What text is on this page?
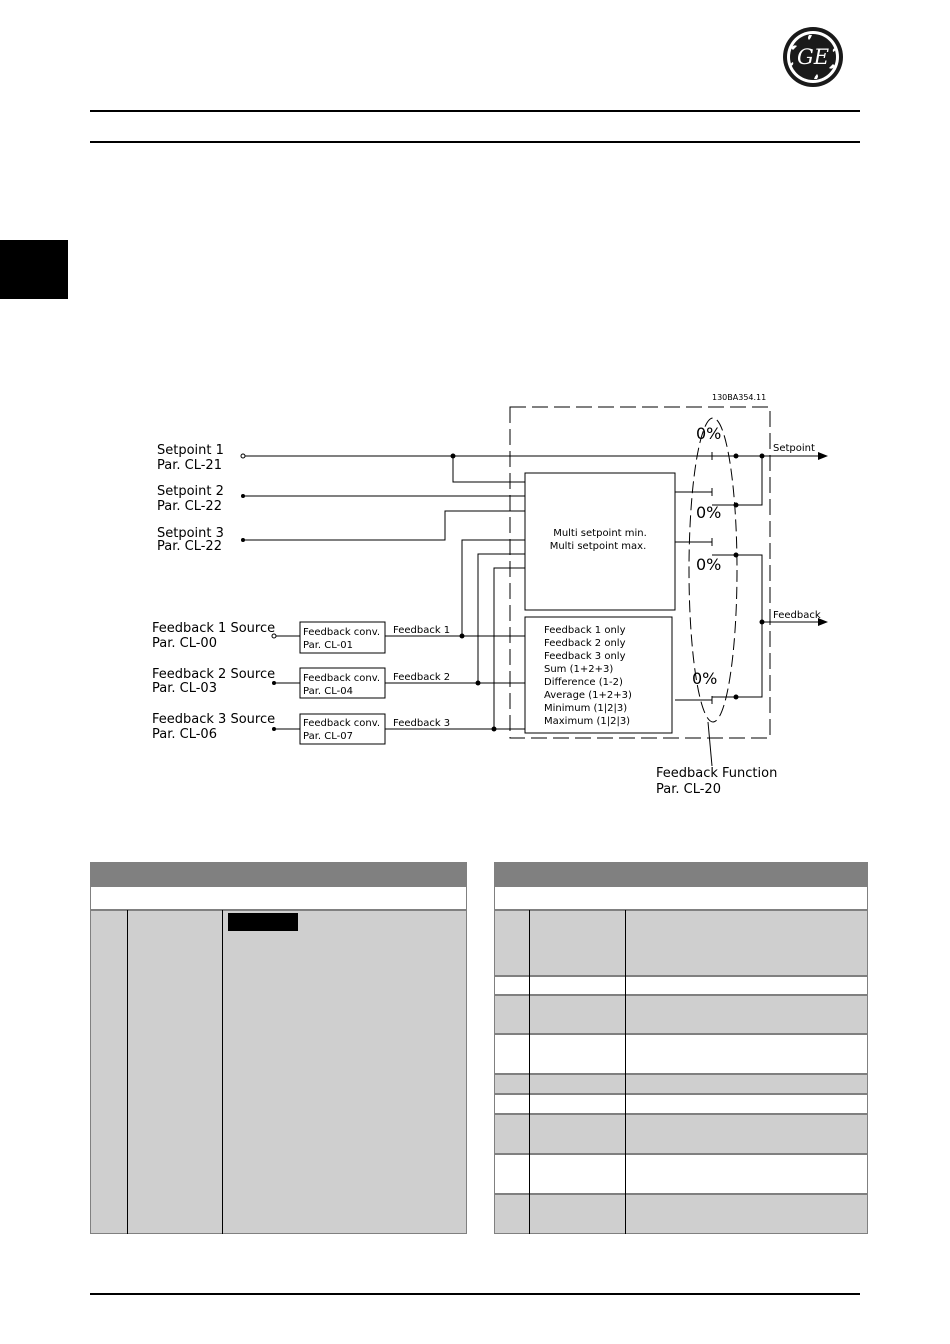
GE
130BA354.11
Setpoint 1
Par. CL-21
Setpoint 2
Par. CL-22
Setpoint 3
Par. CL-22
Feedback 1 Source
Par. CL-00
Feedback 2 Source
Par. CL-03
Feedback 3 Source
Par. CL-06
Feedback conv.
Par. CL-01
Feedback conv.
Par. CL-04
Feedback conv.
Par. CL-07
Feedback 1
Feedback 2
Feedback 3
Multi setpoint min.
Multi setpoint max.
Feedback 1 only
Feedback 2 only
Feedback 3 only
Sum (1+2+3)
Difference (1-2)
Average (1+2+3)
Minimum (1|2|3)
Maximum (1|2|3)
0%
0%
0%
0%
Setpoint
Feedback
Feedback Function
Par. CL-20
